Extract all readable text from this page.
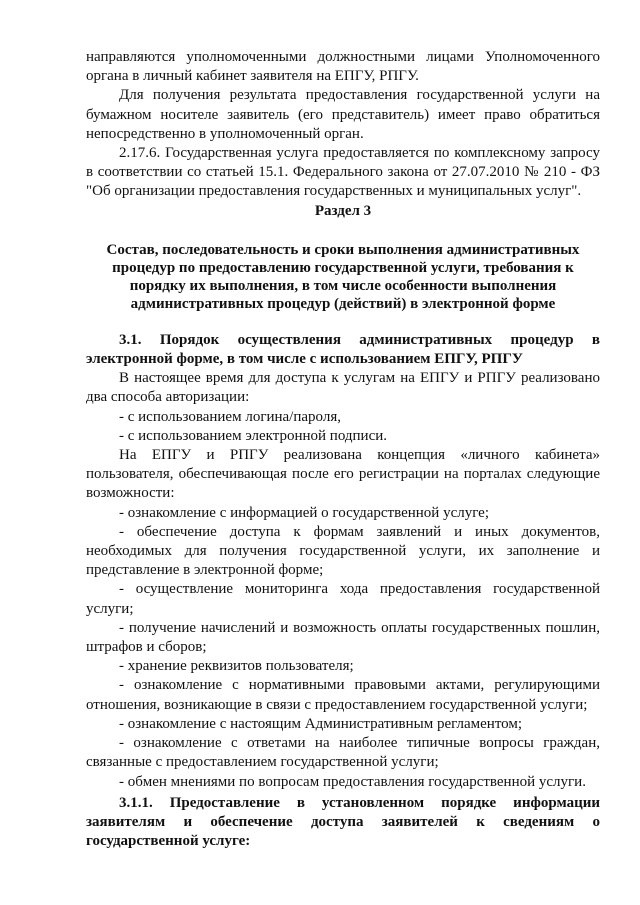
направляются уполномоченными должностными лицами Уполномоченного органа в личный кабинет заявителя на ЕПГУ, РПГУ.

Для получения результата предоставления государственной услуги на бумажном носителе заявитель (его представитель) имеет право обратиться непосредственно в уполномоченный орган.

2.17.6. Государственная услуга предоставляется по комплексному запросу в соответствии со статьей 15.1. Федерального закона от 27.07.2010 № 210 - ФЗ "Об организации предоставления государственных и муниципальных услуг".

Раздел 3

Состав, последовательность и сроки выполнения административных процедур по предоставлению государственной услуги, требования к порядку их выполнения, в том числе особенности выполнения административных процедур (действий) в электронной форме

3.1. Порядок осуществления административных процедур в электронной форме, в том числе с использованием ЕПГУ, РПГУ

В настоящее время для доступа к услугам на ЕПГУ и РПГУ реализовано два способа авторизации:

- с использованием логина/пароля,

- с использованием электронной подписи.

На ЕПГУ и РПГУ реализована концепция «личного кабинета» пользователя, обеспечивающая после его регистрации на порталах следующие возможности:

- ознакомление с информацией о государственной услуге;

- обеспечение доступа к формам заявлений и иных документов, необходимых для получения государственной услуги, их заполнение и представление в электронной форме;

- осуществление мониторинга хода предоставления государственной услуги;

- получение начислений и возможность оплаты государственных пошлин, штрафов и сборов;

- хранение реквизитов пользователя;

- ознакомление с нормативными правовыми актами, регулирующими отношения, возникающие в связи с предоставлением государственной услуги;

- ознакомление с настоящим Административным регламентом;

- ознакомление с ответами на наиболее типичные вопросы граждан, связанные с предоставлением государственной услуги;

- обмен мнениями по вопросам предоставления государственной услуги.

3.1.1. Предоставление в установленном порядке информации заявителям и обеспечение доступа заявителей к сведениям о государственной услуге:
